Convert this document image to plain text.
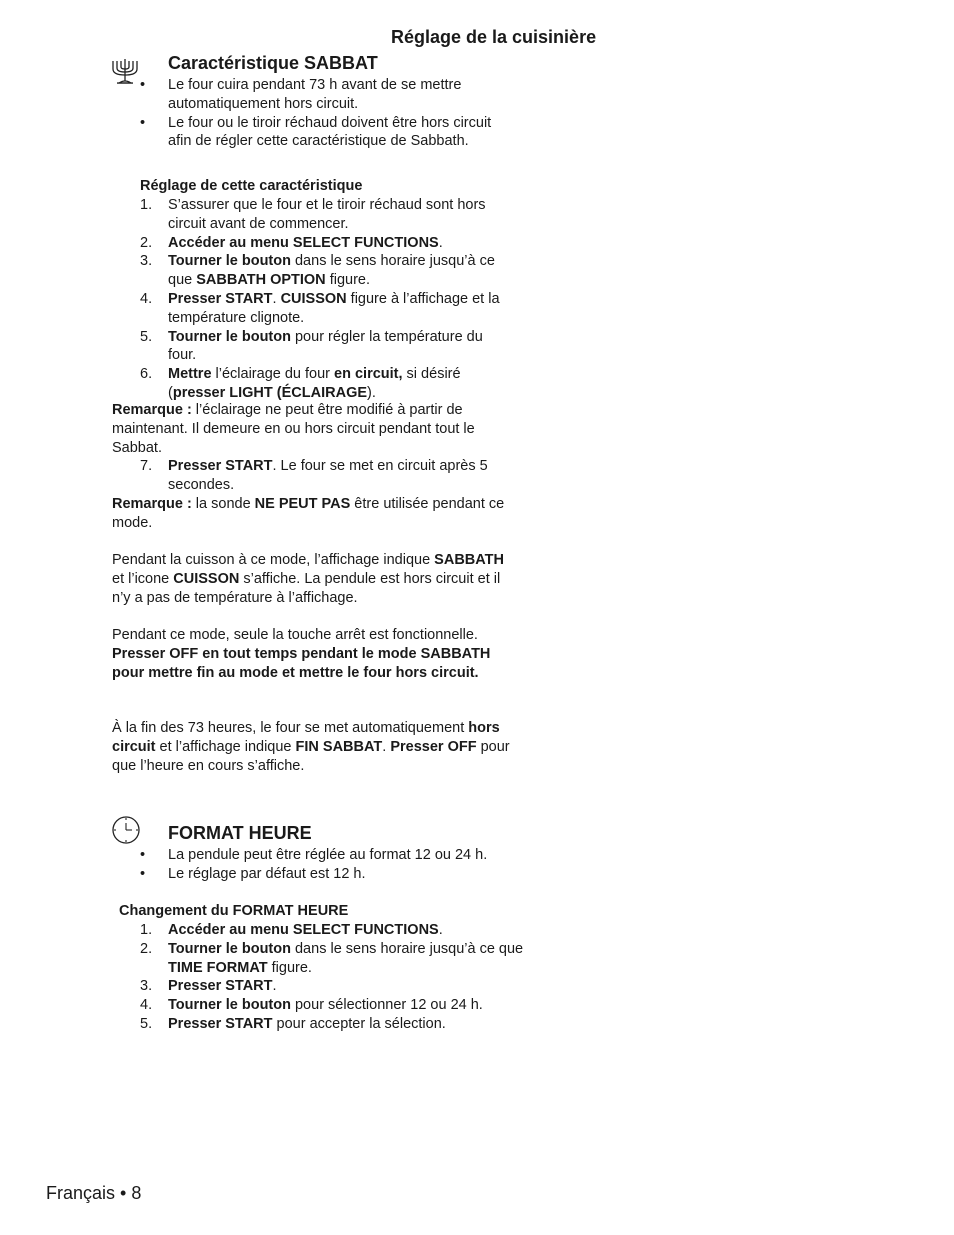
Réglage de la cuisinière
Caractéristique SABBAT
• Le four cuira pendant 73 h avant de se mettre automatiquement hors circuit.
• Le four ou le tiroir réchaud doivent être hors circuit afin de régler cette caractéristique de Sabbath.
Réglage de cette caractéristique
1. S’assurer que le four et le tiroir réchaud sont hors circuit avant de commencer.
2. Accéder au menu SELECT FUNCTIONS.
3. Tourner le bouton dans le sens horaire jusqu’à ce que SABBATH OPTION figure.
4. Presser START. CUISSON figure à l’affichage et la température clignote.
5. Tourner le bouton pour régler la température du four.
6. Mettre l’éclairage du four en circuit, si désiré (presser LIGHT (ÉCLAIRAGE).
Remarque : l’éclairage ne peut être modifié à partir de maintenant. Il demeure en ou hors circuit pendant tout le Sabbat.
7. Presser START. Le four se met en circuit après 5 secondes.
Remarque : la sonde NE PEUT PAS être utilisée pendant ce mode.
Pendant la cuisson à ce mode, l’affichage indique SABBATH et l’icone CUISSON s’affiche. La pendule est hors circuit et il n’y a pas de température à l’affichage.
Pendant ce mode, seule la touche arrêt est fonctionnelle. Presser OFF en tout temps pendant le mode SABBATH pour mettre fin au mode et mettre le four hors circuit.
À la fin des 73 heures, le four se met automatiquement hors circuit et l’affichage indique FIN SABBAT. Presser OFF pour que l’heure en cours s’affiche.
FORMAT HEURE
• La pendule peut être réglée au format 12 ou 24 h.
• Le réglage par défaut est 12 h.
Changement du FORMAT HEURE
1. Accéder au menu SELECT FUNCTIONS.
2. Tourner le bouton dans le sens horaire jusqu’à ce que TIME FORMAT figure.
3. Presser START.
4. Tourner le bouton pour sélectionner 12 ou 24 h.
5. Presser START pour accepter la sélection.
Français • 8
